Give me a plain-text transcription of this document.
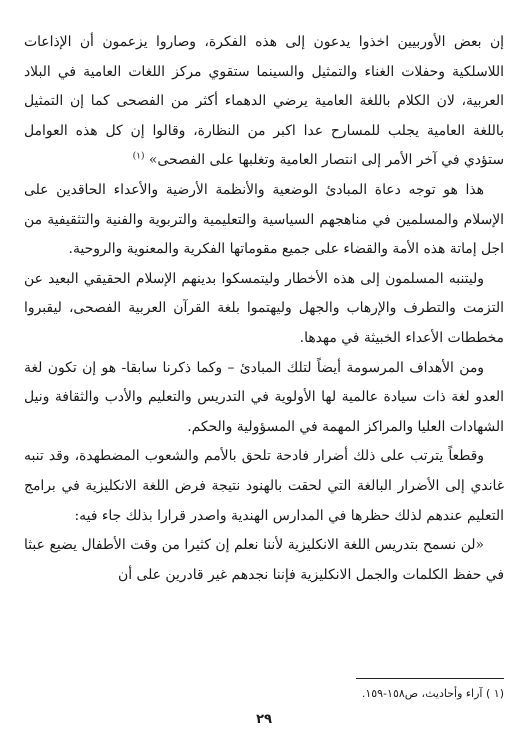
إن بعض الأوربيين اخذوا يدعون إلى هذه الفكرة، وصاروا يزعمون أن الإذاعات اللاسلكية وحفلات الغناء والتمثيل والسينما ستقوي مركز اللغات العامية في البلاد العربية، لان الكلام باللغة العامية يرضي الدهماء أكثر من الفصحى كما إن التمثيل باللغة العامية يجلب للمسارح عدا اكبر من النظارة، وقالوا إن كل هذه العوامل ستؤدي في آخر الأمر إلى انتصار العامية وتغلبها على الفصحى» $^{(١)}$

هذا هو توجه دعاة المبادئ الوضعية والأنظمة الأرضية والأعداء الحاقدين على الإسلام والمسلمين في مناهجهم السياسية والتعليمية والتربوية والفنية والتثقيفية من اجل إماتة هذه الأمة والقضاء على جميع مقوماتها الفكرية والمعنوية والروحية.

وليتنبه المسلمون إلى هذه الأخطار وليتمسكوا بدينهم الإسلام الحقيقي البعيد عن التزمت والتطرف والإرهاب والجهل وليهتموا بلغة القرآن العربية الفصحى، ليقبروا مخططات الأعداء الخبيثة في مهدها.

ومن الأهداف المرسومة أيضاً لتلك المبادئ – وكما ذكرنا سابقا- هو إن تكون لغة العدو لغة ذات سيادة عالمية لها الأولوية في التدريس والتعليم والأدب والثقافة ونيل الشهادات العليا والمراكز المهمة في المسؤولية والحكم.

وقطعاً يترتب على ذلك أضرار فادحة تلحق بالأمم والشعوب المضطهدة، وقد تنبه غاندي إلى الأضرار البالغة التي لحقت بالهنود نتيجة فرض اللغة الانكليزية في برامج التعليم عندهم لذلك حظرها في المدارس الهندية واصدر قرارا بذلك جاء فيه:

«لن نسمح بتدريس اللغة الانكليزية لأننا نعلم إن كثيرا من وقت الأطفال يضيع عبثا في حفظ الكلمات والجمل الانكليزية فإننا نجدهم غير قادرين على أن

(١ ) آراء وأحاديث، ص١٥٨-١٥٩.
٢٩
